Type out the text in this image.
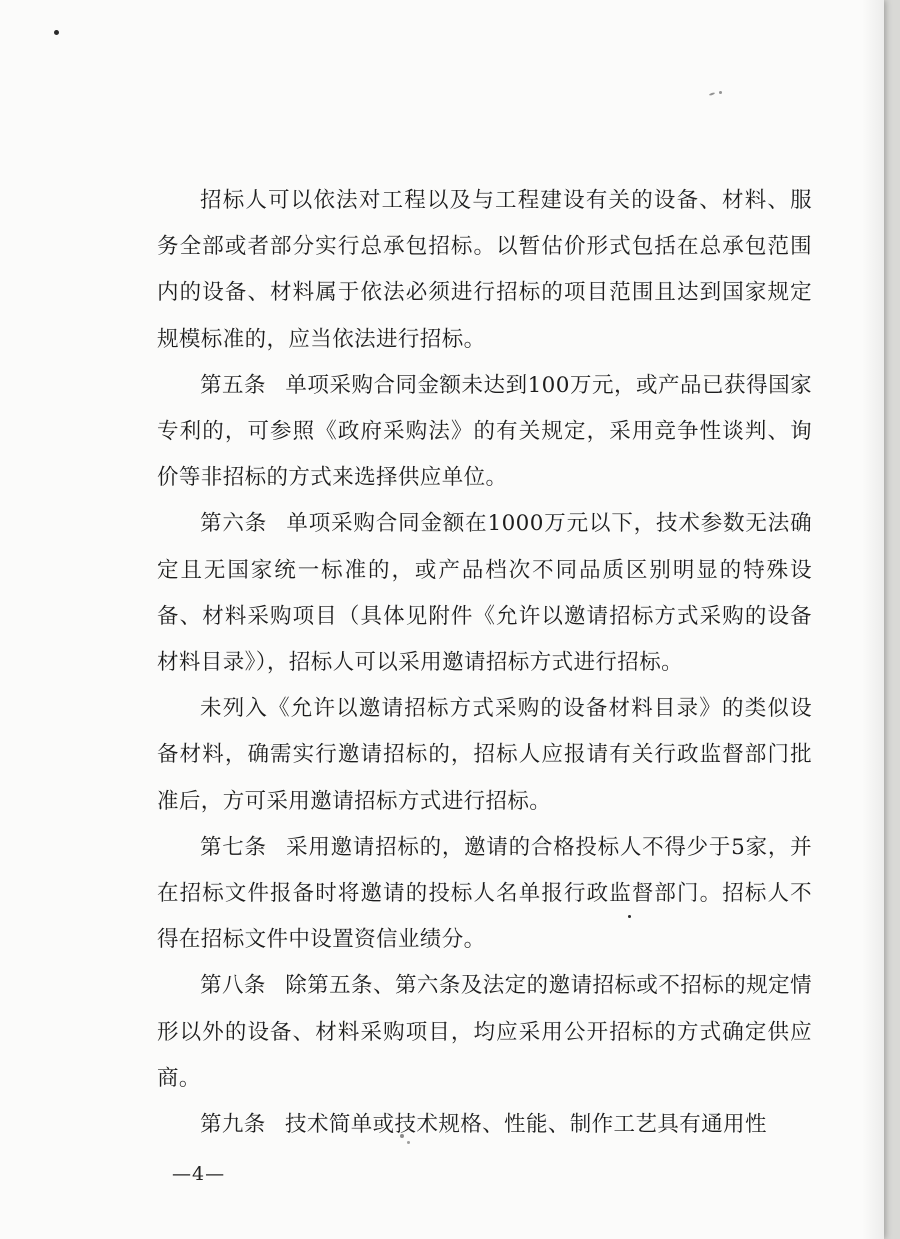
招标人可以依法对工程以及与工程建设有关的设备、材料、服务全部或者部分实行总承包招标。以暂估价形式包括在总承包范围内的设备、材料属于依法必须进行招标的项目范围且达到国家规定规模标准的，应当依法进行招标。

第五条 单项采购合同金额未达到100万元，或产品已获得国家专利的，可参照《政府采购法》的有关规定，采用竞争性谈判、询价等非招标的方式来选择供应单位。

第六条 单项采购合同金额在1000万元以下，技术参数无法确定且无国家统一标准的，或产品档次不同品质区别明显的特殊设备、材料采购项目（具体见附件《允许以邀请招标方式采购的设备材料目录》），招标人可以采用邀请招标方式进行招标。

未列入《允许以邀请招标方式采购的设备材料目录》的类似设备材料，确需实行邀请招标的，招标人应报请有关行政监督部门批准后，方可采用邀请招标方式进行招标。

第七条 采用邀请招标的，邀请的合格投标人不得少于5家，并在招标文件报备时将邀请的投标人名单报行政监督部门。招标人不得在招标文件中设置资信业绩分。

第八条 除第五条、第六条及法定的邀请招标或不招标的规定情形以外的设备、材料采购项目，均应采用公开招标的方式确定供应商。

第九条 技术简单或技术规格、性能、制作工艺具有通用性

—4—
